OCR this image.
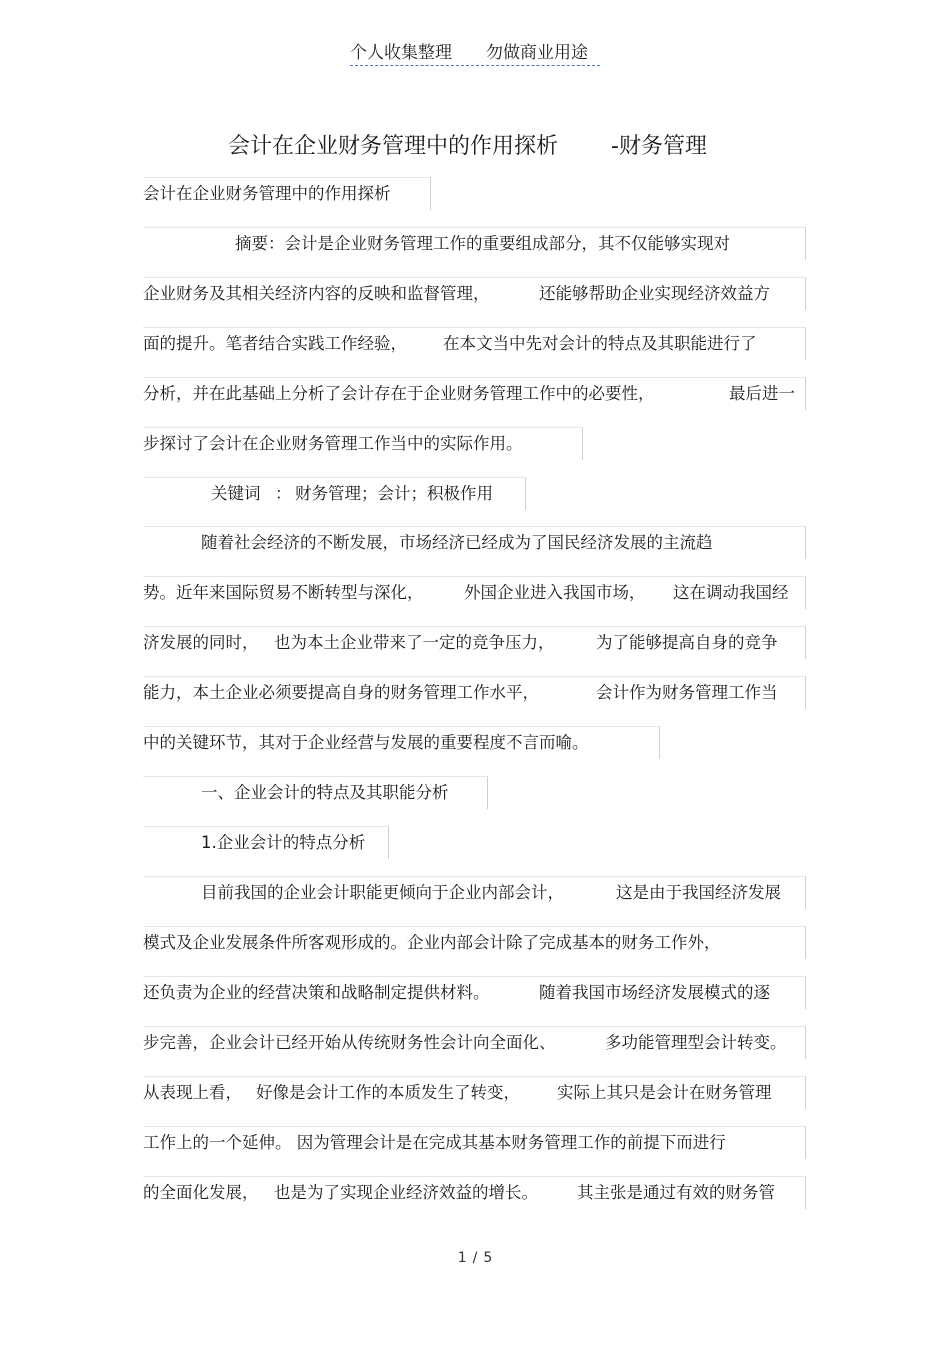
个人收集整理 勿做商业用途
会计在企业财务管理中的作用探析 -财务管理
会计在企业财务管理中的作用探析
摘要：会计是企业财务管理工作的重要组成部分，其不仅能够实现对
企业财务及其相关经济内容的反映和监督管理，	还能够帮助企业实现经济效益方
面的提升。笔者结合实践工作经验， 在本文当中先对会计的特点及其职能进行了
分析，并在此基础上分析了会计存在于企业财务管理工作中的必要性，	最后进一
步探讨了会计在企业财务管理工作当中的实际作用。
关键词 ： 财务管理；会计；积极作用
随着社会经济的不断发展，市场经济已经成为了国民经济发展的主流趋
势。近年来国际贸易不断转型与深化， 外国企业进入我国市场， 这在调动我国经
济发展的同时， 也为本土企业带来了一定的竞争压力，	为了能够提高自身的竞争
能力，本土企业必须要提高自身的财务管理工作水平，	会计作为财务管理工作当
中的关键环节，其对于企业经营与发展的重要程度不言而喻。
一、企业会计的特点及其职能分析
1.企业会计的特点分析
目前我国的企业会计职能更倾向于企业内部会计，	这是由于我国经济发展
模式及企业发展条件所客观形成的。企业内部会计除了完成基本的财务工作外，
还负责为企业的经营决策和战略制定提供材料。	随着我国市场经济发展模式的逐
步完善，企业会计已经开始从传统财务性会计向全面化、	多功能管理型会计转变。
从表现上看， 好像是会计工作的本质发生了转变， 实际上其只是会计在财务管理
工作上的一个延伸。 因为管理会计是在完成其基本财务管理工作的前提下而进行
的全面化发展， 也是为了实现企业经济效益的增长。 其主张是通过有效的财务管
1 / 5
